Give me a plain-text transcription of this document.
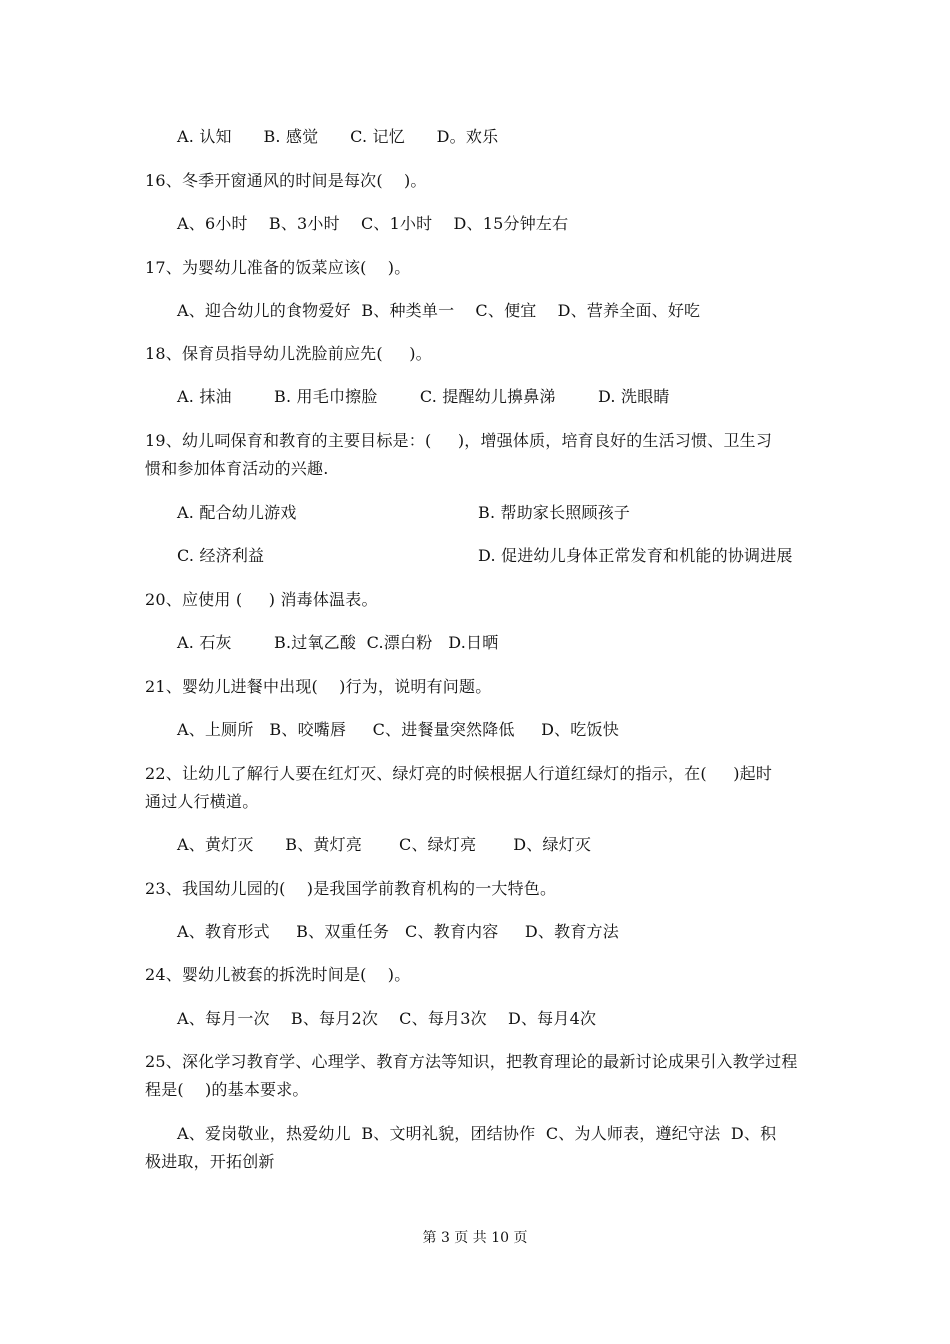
A. 认知      B. 感觉      C. 记忆      D。欢乐
16、冬季开窗通风的时间是每次(    )。
A、6小时    B、3小时    C、1小时    D、15分钟左右
17、为婴幼儿准备的饭菜应该(    )。
A、迎合幼儿的食物爱好  B、种类单一    C、便宜    D、营养全面、好吃
18、保育员指导幼儿洗脸前应先(     )。
A. 抹油        B. 用毛巾擦脸        C. 提醒幼儿擤鼻涕        D. 洗眼睛
19、幼儿呞保育和教育的主要目标是：(     )，增强体质，培育良好的生活习惯、卫生习
惯和参加体育活动的兴趣.
A. 配合幼儿游戏	B. 帮助家长照顾孩子
C. 经济利益	D. 促进幼儿身体正常发育和机能的协调进展
20、应使用 (     ) 消毒体温表。
A. 石灰        B.过氧乙酸  C.漂白粉   D.日晒
21、婴幼儿进餐中出现(    )行为，说明有问题。
A、上厕所   B、咬嘴唇     C、进餐量突然降低     D、吃饭快
22、让幼儿了解行人要在红灯灭、绿灯亮的时候根据人行道红绿灯的指示，在(     )起时
通过人行横道。
A、黄灯灭      B、黄灯亮       C、绿灯亮       D、绿灯灭
23、我国幼儿园的(    )是我国学前教育机构的一大特色。
A、教育形式     B、双重任务   C、教育内容     D、教育方法
24、婴幼儿被套的拆洗时间是(    )。
A、每月一次    B、每月2次    C、每月3次    D、每月4次
25、深化学习教育学、心理学、教育方法等知识，把教育理论的最新讨论成果引入教学过程
程是(    )的基本要求。
A、爱岗敬业，热爱幼儿  B、文明礼貌，团结协作  C、为人师表，遵纪守法  D、积
极进取，开拓创新
第 3 页 共 10 页
